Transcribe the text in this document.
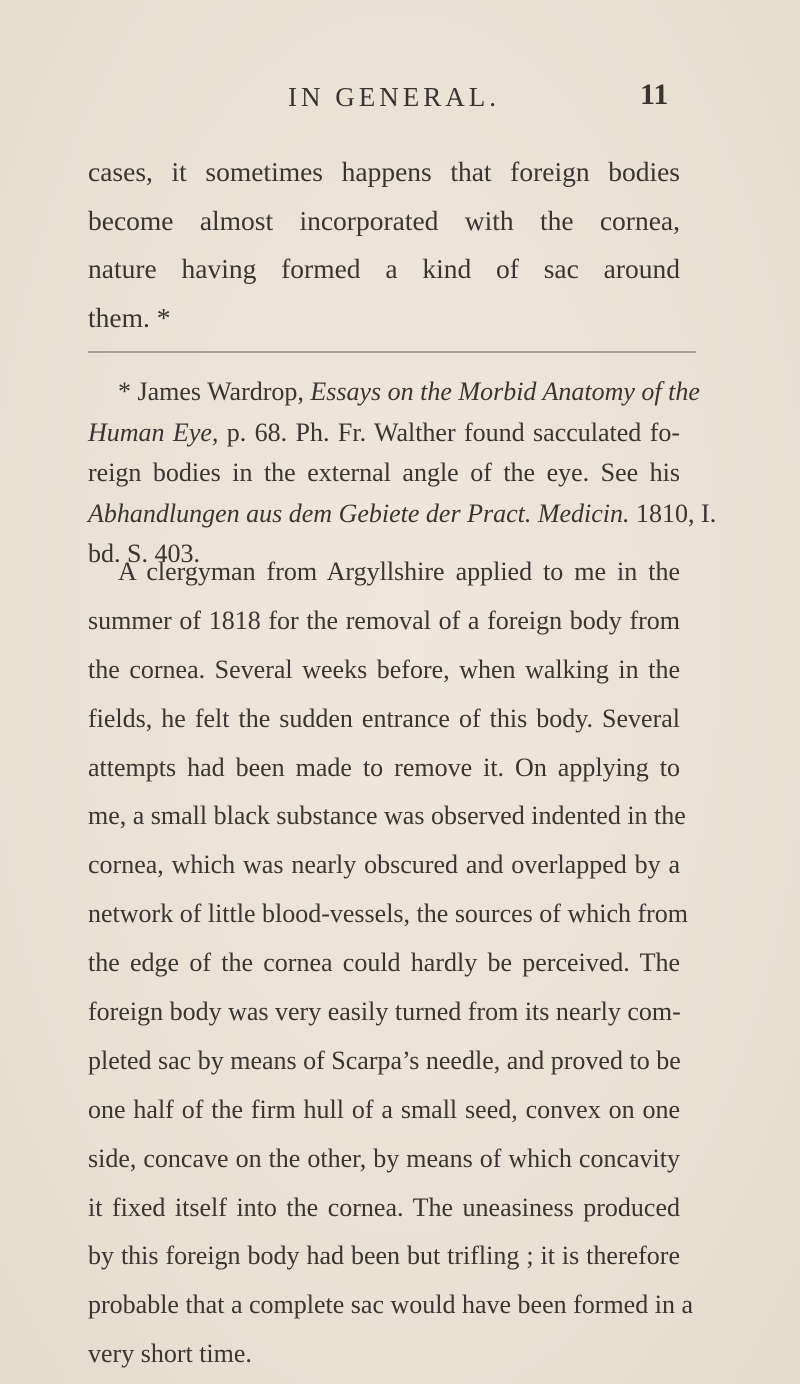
IN GENERAL.	11
cases, it sometimes happens that foreign bodies
become almost incorporated with the cornea,
nature having formed a kind of sac around
them. *
* James Wardrop, Essays on the Morbid Anatomy of the
Human Eye, p. 68. Ph. Fr. Walther found sacculated fo-
reign bodies in the external angle of the eye. See his
Abhandlungen aus dem Gebiete der Pract. Medicin. 1810, I.
bd. S. 403.
A clergyman from Argyllshire applied to me in the
summer of 1818 for the removal of a foreign body from
the cornea. Several weeks before, when walking in the
fields, he felt the sudden entrance of this body. Several
attempts had been made to remove it. On applying to
me, a small black substance was observed indented in the
cornea, which was nearly obscured and overlapped by a
network of little blood-vessels, the sources of which from
the edge of the cornea could hardly be perceived. The
foreign body was very easily turned from its nearly com-
pleted sac by means of Scarpa’s needle, and proved to be
one half of the firm hull of a small seed, convex on one
side, concave on the other, by means of which concavity
it fixed itself into the cornea. The uneasiness produced
by this foreign body had been but trifling ; it is therefore
probable that a complete sac would have been formed in a
very short time.
